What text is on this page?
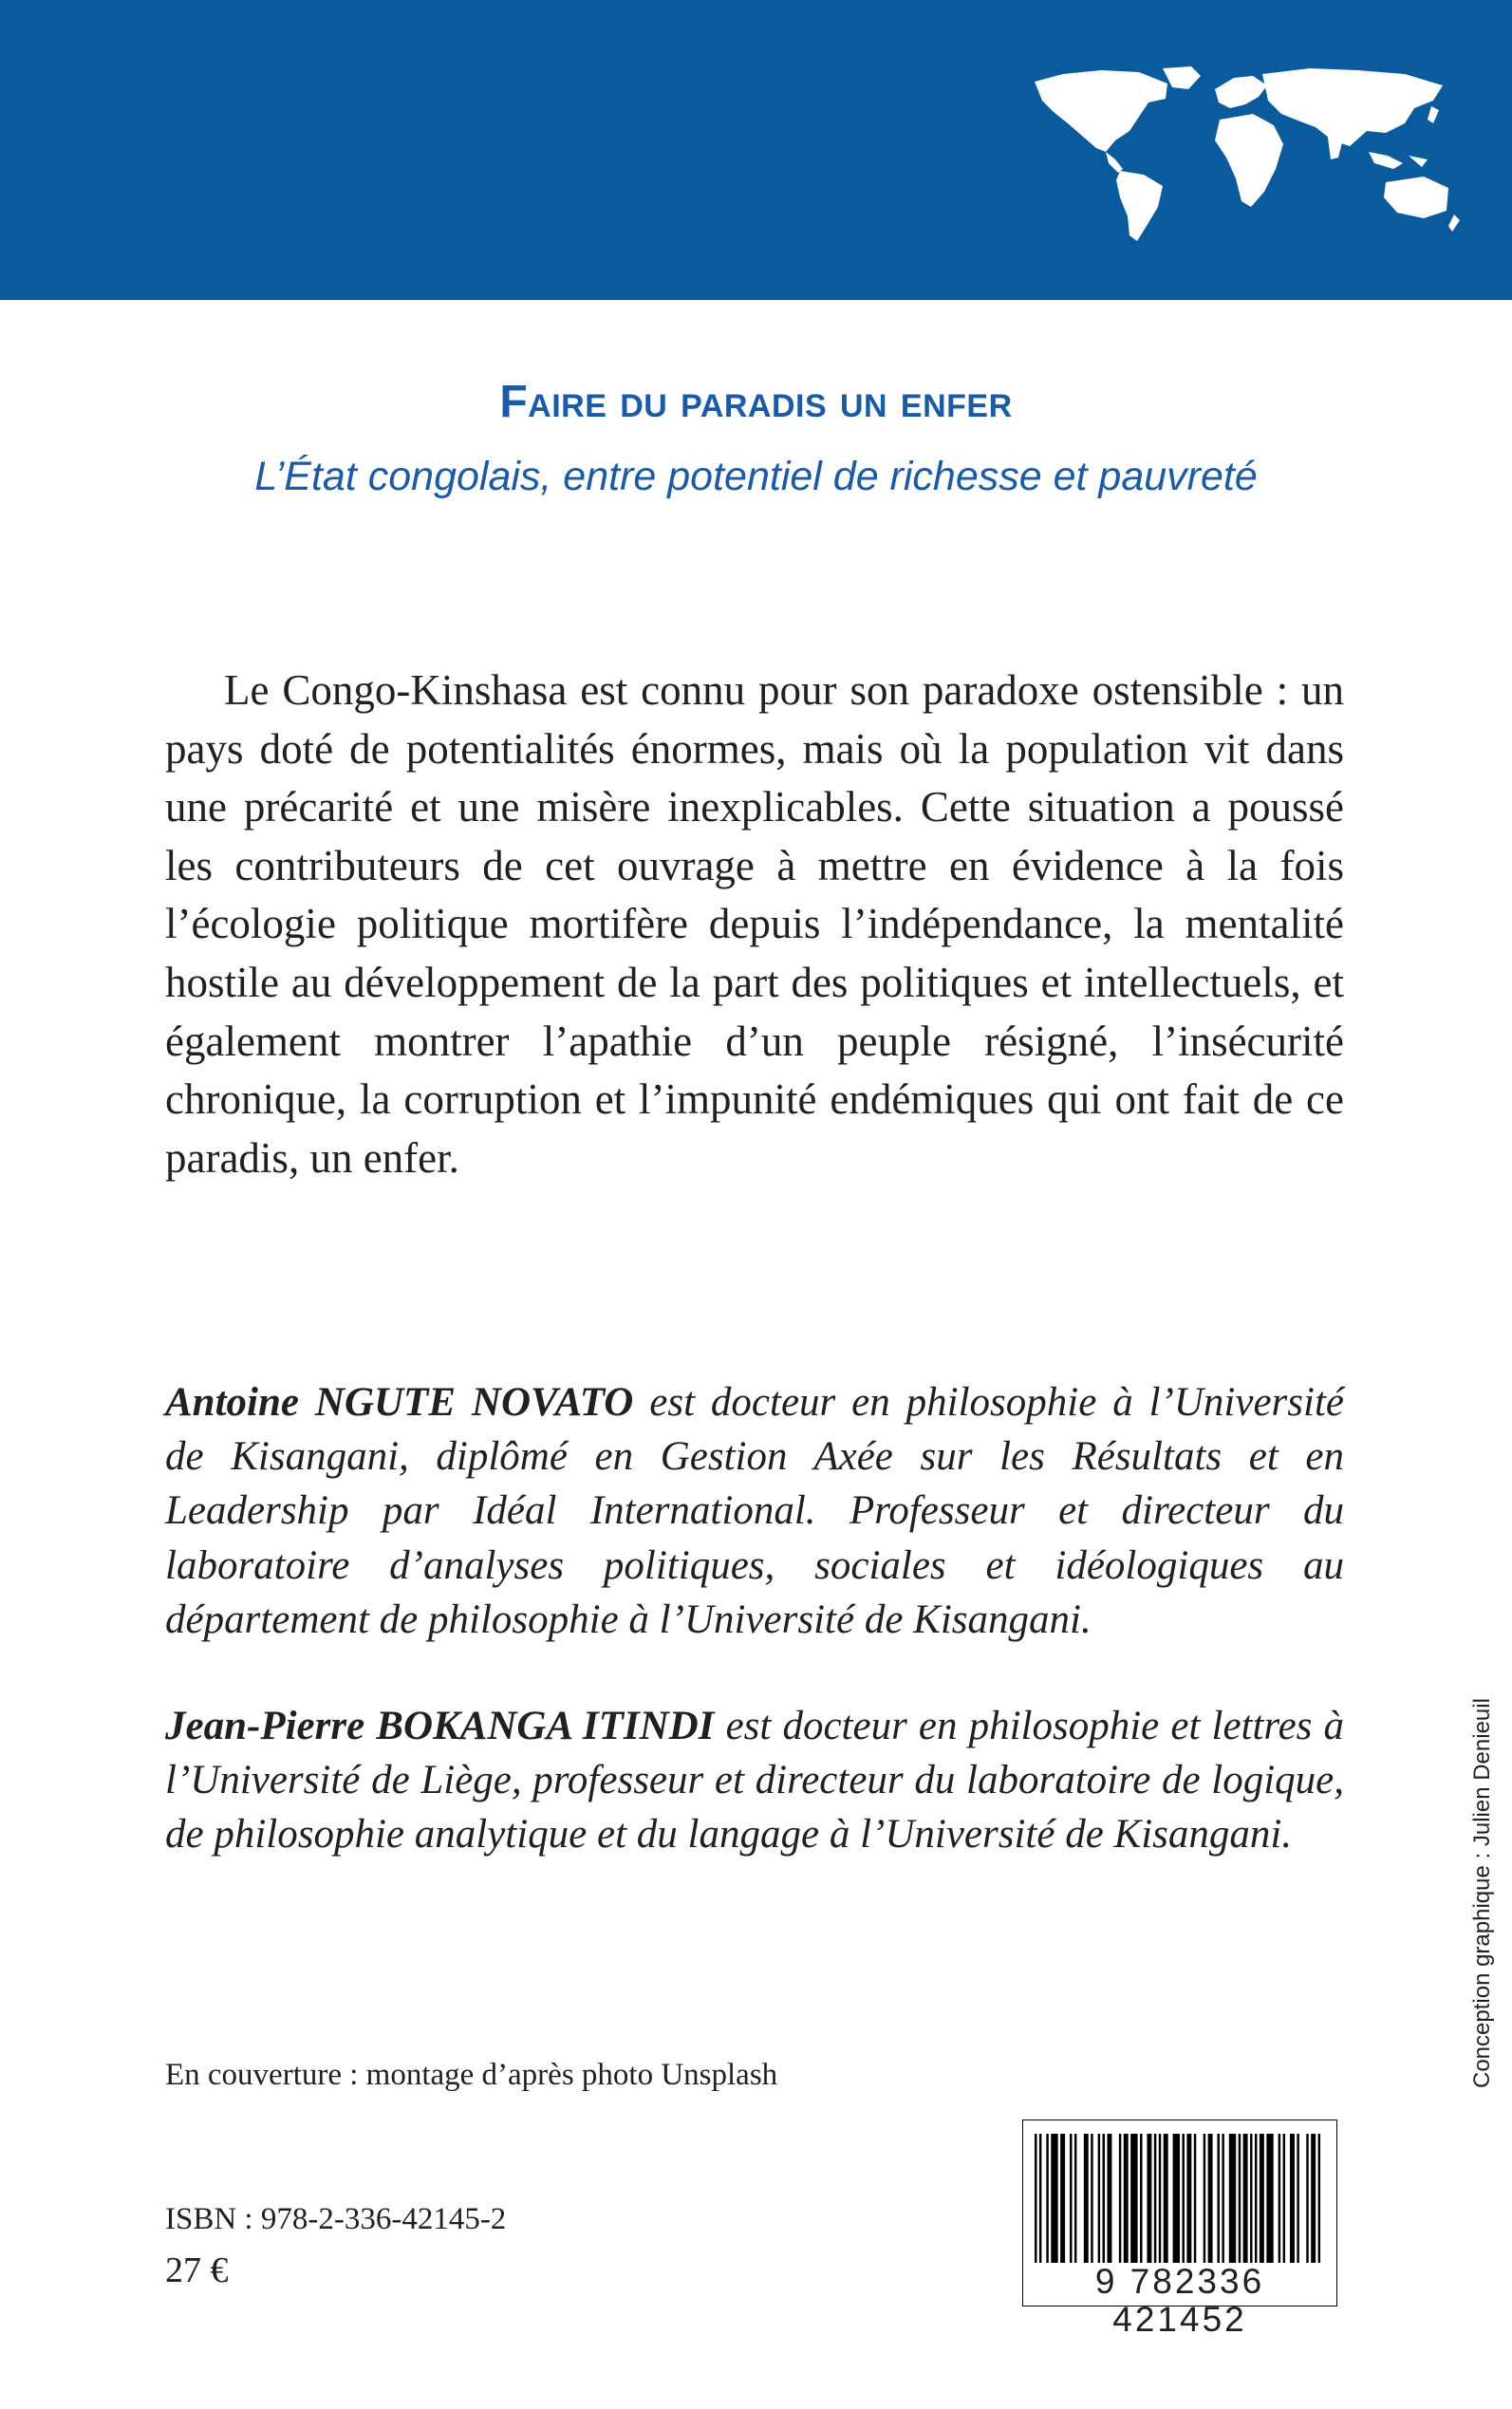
Faire du paradis un enfer
L’État congolais, entre potentiel de richesse et pauvreté
Le Congo-Kinshasa est connu pour son paradoxe ostensible : un pays doté de potentialités énormes, mais où la population vit dans une précarité et une misère inexplicables. Cette situation a poussé les contributeurs de cet ouvrage à mettre en évidence à la fois l’écologie politique mortifère depuis l’indépendance, la mentalité hostile au développement de la part des politiques et intellectuels, et également montrer l’apathie d’un peuple résigné, l’insécurité chronique, la corruption et l’impunité endémiques qui ont fait de ce paradis, un enfer.
Antoine NGUTE NOVATO est docteur en philosophie à l’Université de Kisangani, diplômé en Gestion Axée sur les Résultats et en Leadership par Idéal International. Professeur et directeur du laboratoire d’analyses politiques, sociales et idéologiques au département de philosophie à l’Université de Kisangani.
Jean-Pierre BOKANGA ITINDI est docteur en philosophie et lettres à l’Université de Liège, professeur et directeur du laboratoire de logique, de philosophie analytique et du langage à l’Université de Kisangani.
En couverture : montage d’après photo Unsplash
ISBN : 978-2-336-42145-2
27 €	9 782336 421452
Conception graphique : Julien Denieuil
